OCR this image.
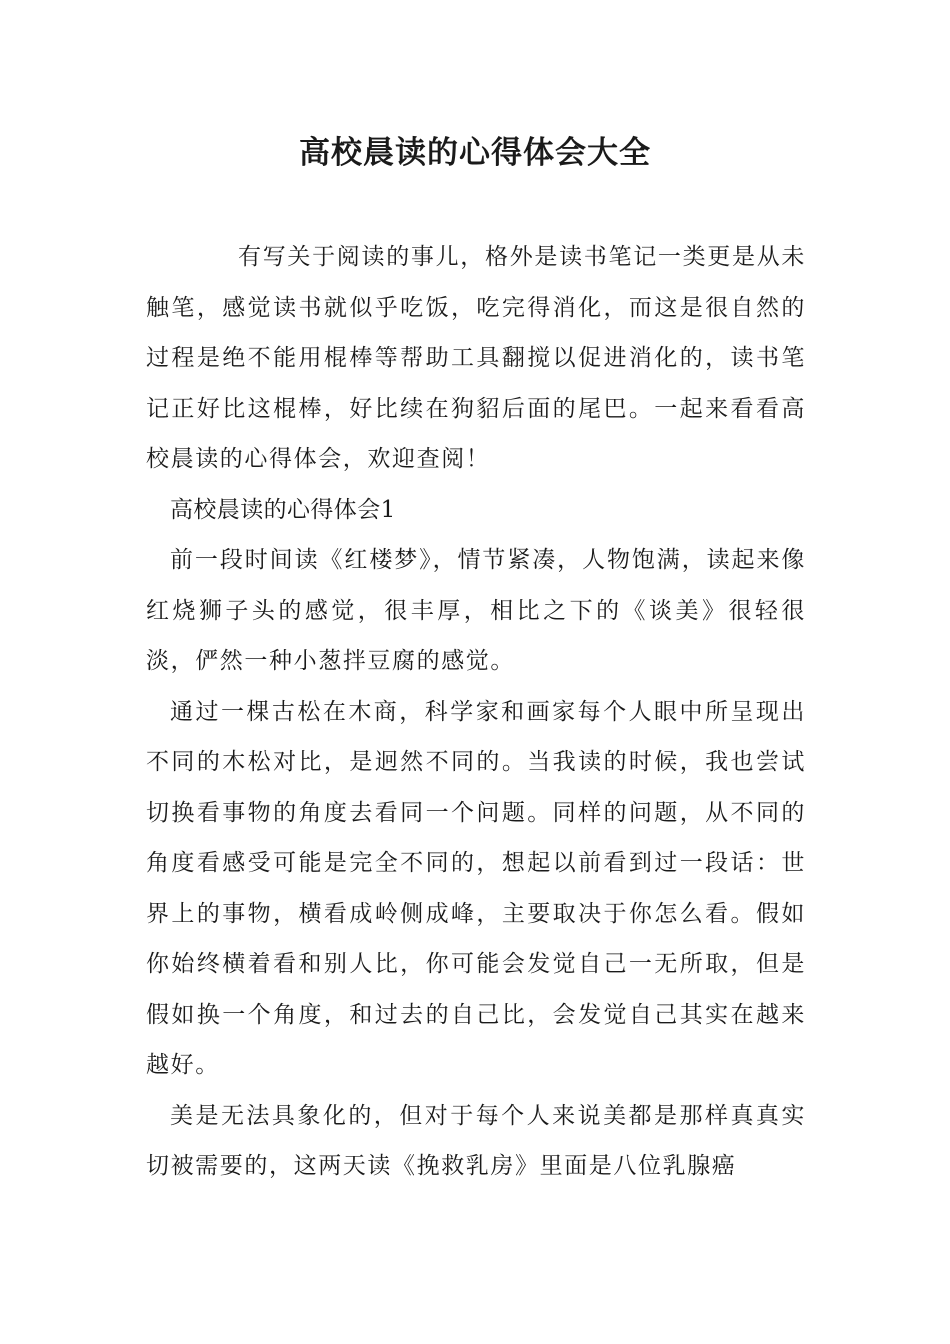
高校晨读的心得体会大全

有写关于阅读的事儿，格外是读书笔记一类更是从未触笔，感觉读书就似乎吃饭，吃完得消化，而这是很自然的过程是绝不能用棍棒等帮助工具翻搅以促进消化的，读书笔记正好比这棍棒，好比续在狗貂后面的尾巴。一起来看看高校晨读的心得体会，欢迎查阅！

高校晨读的心得体会1

前一段时间读《红楼梦》，情节紧凑，人物饱满，读起来像红烧狮子头的感觉，很丰厚，相比之下的《谈美》很轻很淡，俨然一种小葱拌豆腐的感觉。

通过一棵古松在木商，科学家和画家每个人眼中所呈现出不同的木松对比，是迥然不同的。当我读的时候，我也尝试切换看事物的角度去看同一个问题。同样的问题，从不同的角度看感受可能是完全不同的，想起以前看到过一段话：世界上的事物，横看成岭侧成峰，主要取决于你怎么看。假如你始终横着看和别人比，你可能会发觉自己一无所取，但是假如换一个角度，和过去的自己比，会发觉自己其实在越来越好。

美是无法具象化的，但对于每个人来说美都是那样真真实切被需要的，这两天读《挽救乳房》里面是八位乳腺癌
